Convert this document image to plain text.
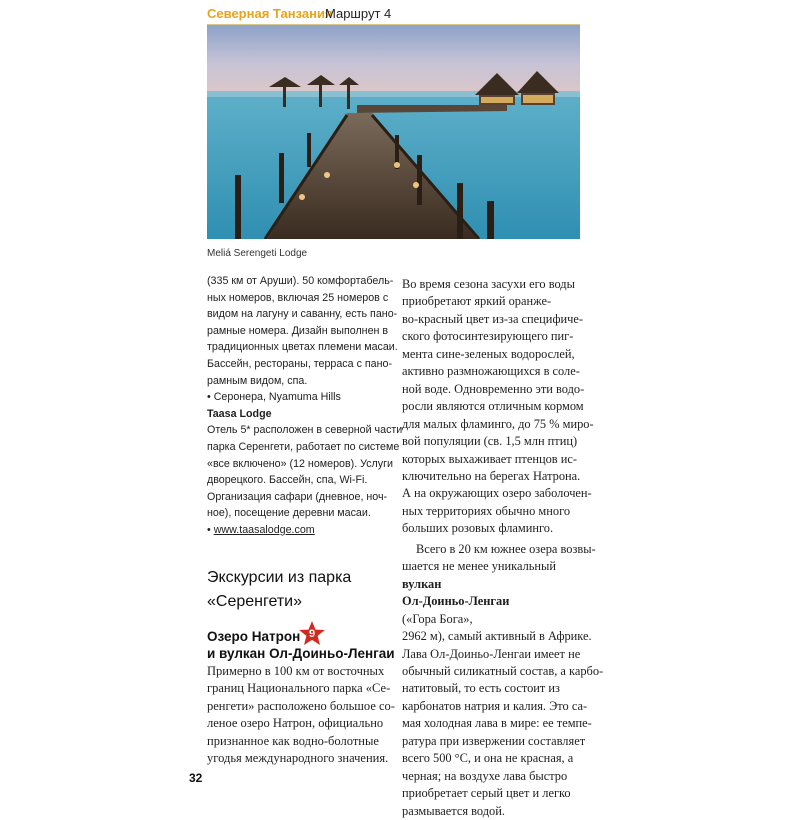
Северная Танзания
Маршрут 4
Meliá Serengeti Lodge

(335 км от Аруши). 50 комфортабель-
ных номеров, включая 25 номеров с
видом на лагуну и саванну, есть пано-
рамные номера. Дизайн выполнен в
традиционных цветах племени масаи.
Бассейн, рестораны, терраса с пано-
рамным видом, спа.

• Серонера, Nyamuma Hills
Taasa Lodge

Отель 5* расположен в северной части
парка Серенгети, работает по системе
«все включено» (12 номеров). Услуги
дворецкого. Бассейн, спа, Wi-Fi.
Организация сафари (дневное, ноч-
ное), посещение деревни масаи.

• www.taasalodge.com
Экскурсии из парка
«Серенгети»
Озеро Натрон
и вулкан Ол-Доиньо-Ленгаи
9
Примерно в 100 км от восточных
границ Национального парка «Се-
ренгети» расположено большое со-
леное озеро Натрон, официально
признанное как водно-болотные
угодья международного значения.
Во время сезона засухи его воды
приобретают яркий оранже-
во-красный цвет из-за специфиче-
ского фотосинтезирующего пиг-
мента сине-зеленых водорослей,
активно размножающихся в соле-
ной воде. Одновременно эти водо-
росли являются отличным кормом
для малых фламинго, до 75 % миро-
вой популяции (св. 1,5 млн птиц)
которых выхаживает птенцов ис-
ключительно на берегах Натрона.
А на окружающих озеро заболочен-
ных территориях обычно много
больших розовых фламинго.
Всего в 20 км южнее озера возвы-
шается не менее уникальный
вулкан
Ол-Доиньо-Ленгаи
(«Гора Бога»,
2962 м), самый активный в Африке.
Лава Ол-Доиньо-Ленгаи имеет не
обычный силикатный состав, а карбо-
натитовый, то есть состоит из
карбонатов натрия и калия. Это са-
мая холодная лава в мире: ее темпе-
ратура при извержении составляет
всего 500 °С, и она не красная, а
черная; на воздухе лава быстро
приобретает серый цвет и легко
размывается водой.
32
